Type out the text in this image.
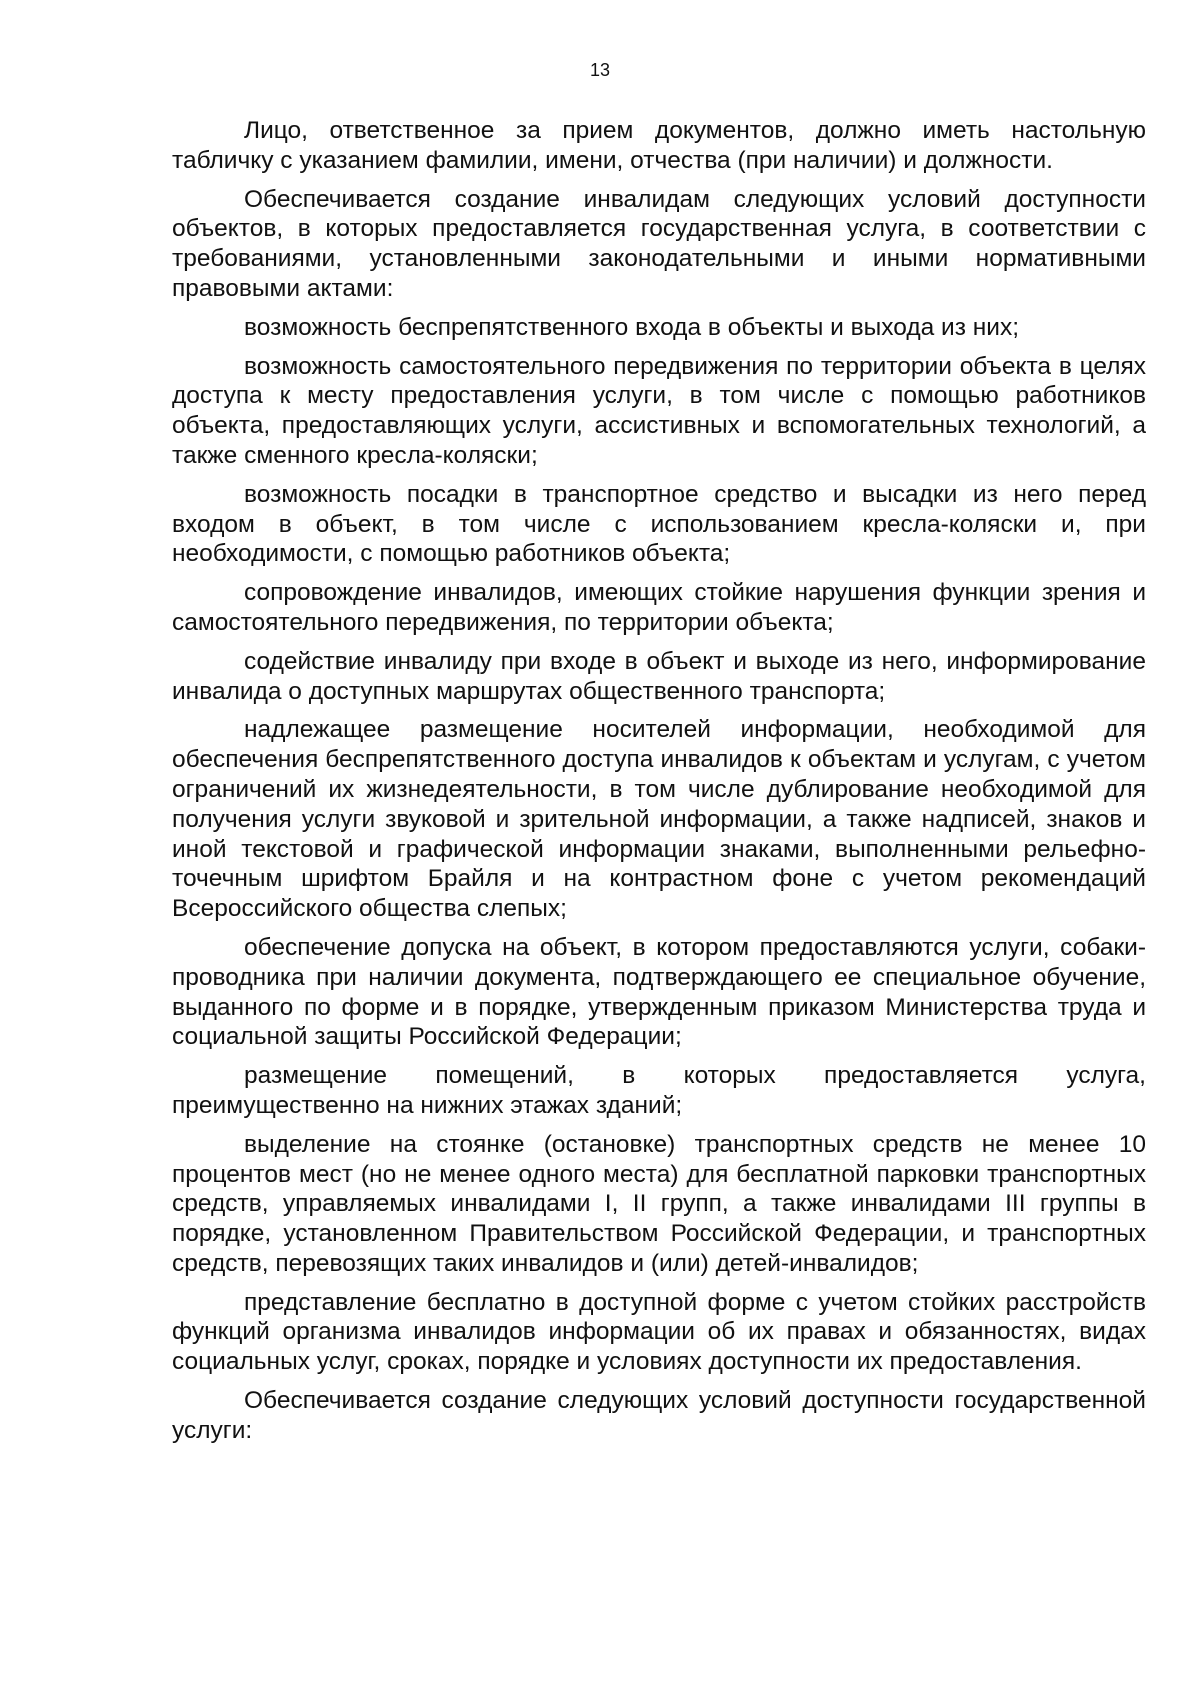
13

Лицо, ответственное за прием документов, должно иметь настольную табличку с указанием фамилии, имени, отчества (при наличии) и должности.

Обеспечивается создание инвалидам следующих условий доступности объектов, в которых предоставляется государственная услуга, в соответствии с требованиями, установленными законодательными и иными нормативными правовыми актами:

возможность беспрепятственного входа в объекты и выхода из них;

возможность самостоятельного передвижения по территории объекта в целях доступа к месту предоставления услуги, в том числе с помощью работников объекта, предоставляющих услуги, ассистивных и вспомогательных технологий, а также сменного кресла-коляски;

возможность посадки в транспортное средство и высадки из него перед входом в объект, в том числе с использованием кресла-коляски и, при необходимости, с помощью работников объекта;

сопровождение инвалидов, имеющих стойкие нарушения функции зрения и самостоятельного передвижения, по территории объекта;

содействие инвалиду при входе в объект и выходе из него, информирование инвалида о доступных маршрутах общественного транспорта;

надлежащее размещение носителей информации, необходимой для обеспечения беспрепятственного доступа инвалидов к объектам и услугам, с учетом ограничений их жизнедеятельности, в том числе дублирование необходимой для получения услуги звуковой и зрительной информации, а также надписей, знаков и иной текстовой и графической информации знаками, выполненными рельефно-точечным шрифтом Брайля и на контрастном фоне с учетом рекомендаций Всероссийского общества слепых;

обеспечение допуска на объект, в котором предоставляются услуги, собаки-проводника при наличии документа, подтверждающего ее специальное обучение, выданного по форме и в порядке, утвержденным приказом Министерства труда и социальной защиты Российской Федерации;

размещение помещений, в которых предоставляется услуга, преимущественно на нижних этажах зданий;

выделение на стоянке (остановке) транспортных средств не менее 10 процентов мест (но не менее одного места) для бесплатной парковки транспортных средств, управляемых инвалидами I, II групп, а также инвалидами III группы в порядке, установленном Правительством Российской Федерации, и транспортных средств, перевозящих таких инвалидов и (или) детей-инвалидов;

представление бесплатно в доступной форме с учетом стойких расстройств функций организма инвалидов информации об их правах и обязанностях, видах социальных услуг, сроках, порядке и условиях доступности их предоставления.

Обеспечивается создание следующих условий доступности государственной услуги:
